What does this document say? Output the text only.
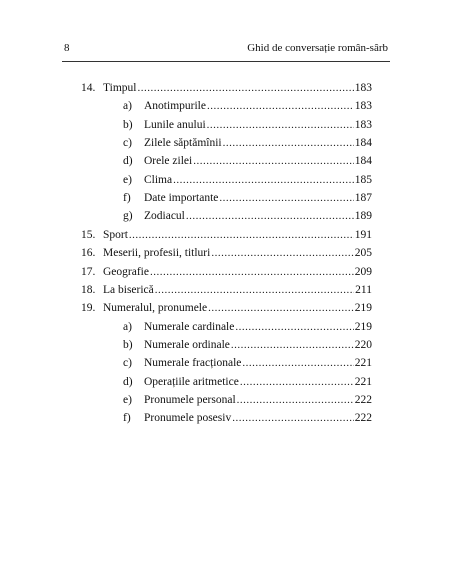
8	Ghid de conversație român-sârb
14. Timpul .....	183
a)	Anotimpurile .....	183
b) Lunile anului .....	183
c)	Zilele săptămînii .....	184
d) Orele zilei .....	184
e)	Clima .....	185
f)	Date importante .....	187
g) Zodiacul .....	189
15. Sport .....	191
16. Meserii, profesii, titluri .....	205
17. Geografie .....	209
18. La biserică .....	211
19. Numeralul, pronumele .....	219
a)	Numerale cardinale .....	219
b) Numerale ordinale .....	220
c)	Numerale fracționale .....	221
d) Operațiile aritmetice .....	221
e)	Pronumele personal .....	222
f)	Pronumele posesiv .....	222
